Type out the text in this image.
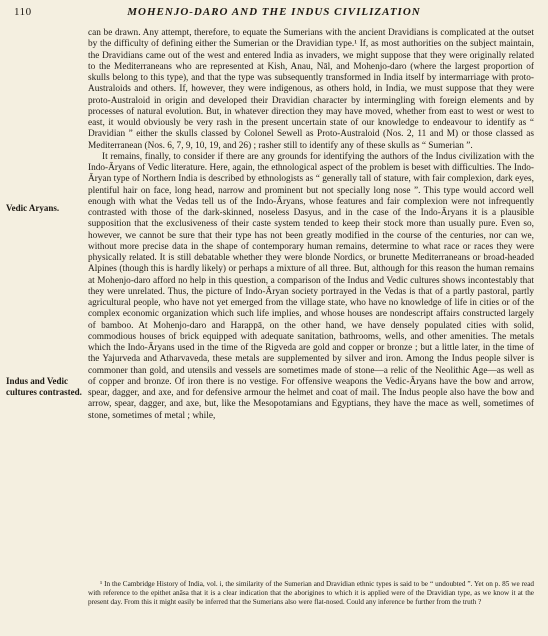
110	MOHENJO-DARO AND THE INDUS CIVILIZATION
Vedic Aryans.
Indus and Vedic cultures contrasted.

can be drawn. Any attempt, therefore, to equate the Sumerians with the ancient Dravidians is complicated at the outset by the difficulty of defining either the Sumerian or the Dravidian type.¹ If, as most authorities on the subject maintain, the Dravidians came out of the west and entered India as invaders, we might suppose that they were originally related to the Mediterraneans who are represented at Kish, Anau, Nāl, and Mohenjo-daro (where the largest proportion of skulls belong to this type), and that the type was subsequently transformed in India itself by intermarriage with proto-Australoids and others. If, however, they were indigenous, as others hold, in India, we must suppose that they were proto-Australoid in origin and developed their Dravidian character by intermingling with foreign elements and by processes of natural evolution. But, in whatever direction they may have moved, whether from east to west or west to east, it would obviously be very rash in the present uncertain state of our knowledge to endeavour to identify as “ Dravidian ” either the skulls classed by Colonel Sewell as Proto-Australoid (Nos. 2, 11 and M) or those classed as Mediterranean (Nos. 6, 7, 9, 10, 19, and 26) ; rasher still to identify any of these skulls as “ Sumerian ”.

It remains, finally, to consider if there are any grounds for identifying the authors of the Indus civilization with the Indo-Āryans of Vedic literature. Here, again, the ethnological aspect of the problem is beset with difficulties. The Indo-Āryan type of Northern India is described by ethnologists as “ generally tall of stature, with fair complexion, dark eyes, plentiful hair on face, long head, narrow and prominent but not specially long nose ”. This type would accord well enough with what the Vedas tell us of the Indo-Āryans, whose features and fair complexion were not infrequently contrasted with those of the dark-skinned, noseless Dasyus, and in the case of the Indo-Āryans it is a plausible supposition that the exclusiveness of their caste system tended to keep their stock more than usually pure. Even so, however, we cannot be sure that their type has not been greatly modified in the course of the centuries, nor can we, without more precise data in the shape of contemporary human remains, determine to what race or races they were physically related. It is still debatable whether they were blonde Nordics, or brunette Mediterraneans or broad-headed Alpines (though this is hardly likely) or perhaps a mixture of all three. But, although for this reason the human remains at Mohenjo-daro afford no help in this question, a comparison of the Indus and Vedic cultures shows incontestably that they were unrelated. Thus, the picture of Indo-Āryan society portrayed in the Vedas is that of a partly pastoral, partly agricultural people, who have not yet emerged from the village state, who have no knowledge of life in cities or of the complex economic organization which such life implies, and whose houses are nondescript affairs constructed largely of bamboo. At Mohenjo-daro and Harappā, on the other hand, we have densely populated cities with solid, commodious houses of brick equipped with adequate sanitation, bathrooms, wells, and other amenities. The metals which the Indo-Āryans used in the time of the Rigveda are gold and copper or bronze ; but a little later, in the time of the Yajurveda and Atharvaveda, these metals are supplemented by silver and iron. Among the Indus people silver is commoner than gold, and utensils and vessels are sometimes made of stone—a relic of the Neolithic Age—as well as of copper and bronze. Of iron there is no vestige. For offensive weapons the Vedic-Āryans have the bow and arrow, spear, dagger, and axe, and for defensive armour the helmet and coat of mail. The Indus people also have the bow and arrow, spear, dagger, and axe, but, like the Mesopotamians and Egyptians, they have the mace as well, sometimes of stone, sometimes of metal ; while,

¹ In the Cambridge History of India, vol. i, the similarity of the Sumerian and Dravidian ethnic types is said to be “ undoubted ”. Yet on p. 85 we read with reference to the epithet anāsa that it is a clear indication that the aborigines to which it is applied were of the Dravidian type, as we know it at the present day. From this it might easily be inferred that the Sumerians also were flat-nosed. Could any inference be further from the truth ?
